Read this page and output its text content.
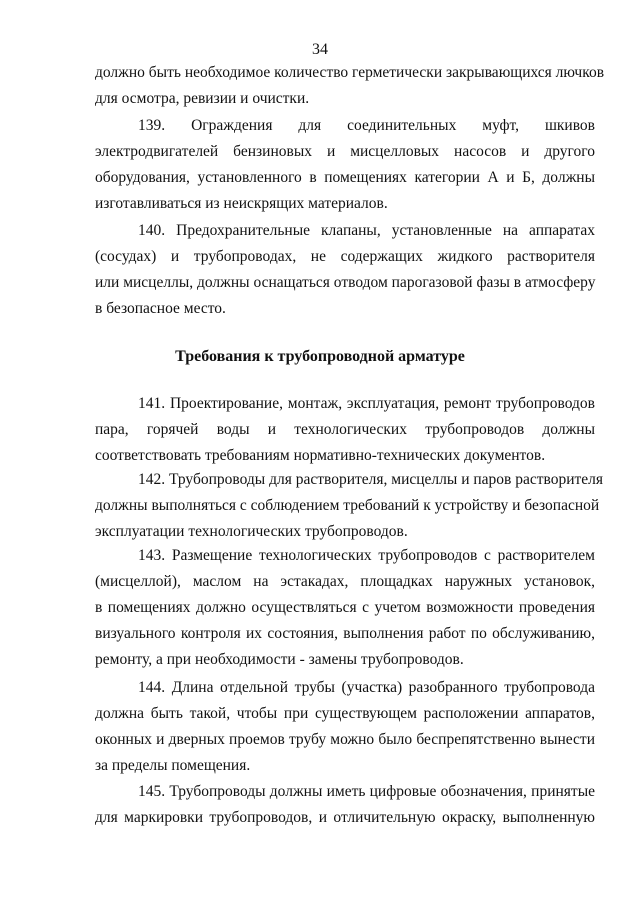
34
должно быть необходимое количество герметически закрывающихся лючков
для осмотра, ревизии и очистки.
139. Ограждения для соединительных муфт, шкивов
электродвигателей бензиновых и мисцелловых насосов и другого
оборудования, установленного в помещениях категории А и Б, должны
изготавливаться из неискрящих материалов.
140. Предохранительные клапаны, установленные на аппаратах
(сосудах) и трубопроводах, не содержащих жидкого растворителя
или мисцеллы, должны оснащаться отводом парогазовой фазы в атмосферу
в безопасное место.
Требования к трубопроводной арматуре
141. Проектирование, монтаж, эксплуатация, ремонт трубопроводов
пара, горячей воды и технологических трубопроводов должны
соответствовать требованиям нормативно-технических документов.
142. Трубопроводы для растворителя, мисцеллы и паров растворителя
должны выполняться с соблюдением требований к устройству и безопасной
эксплуатации технологических трубопроводов.
143. Размещение технологических трубопроводов с растворителем
(мисцеллой), маслом на эстакадах, площадках наружных установок,
в помещениях должно осуществляться с учетом возможности проведения
визуального контроля их состояния, выполнения работ по обслуживанию,
ремонту, а при необходимости - замены трубопроводов.
144. Длина отдельной трубы (участка) разобранного трубопровода
должна быть такой, чтобы при существующем расположении аппаратов,
оконных и дверных проемов трубу можно было беспрепятственно вынести
за пределы помещения.
145. Трубопроводы должны иметь цифровые обозначения, принятые
для маркировки трубопроводов, и отличительную окраску, выполненную
